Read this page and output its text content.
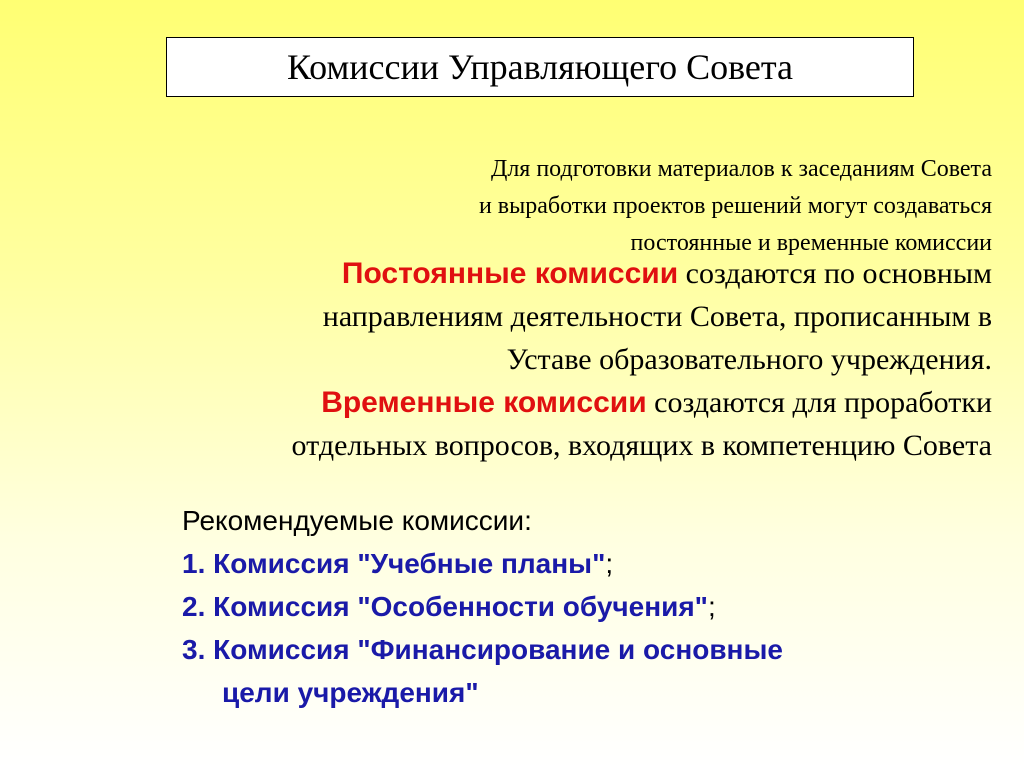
Комиссии Управляющего Совета
Для подготовки материалов к заседаниям Совета
и выработки проектов решений могут создаваться
постоянные и временные комиссии
Постоянные комиссии создаются по основным
направлениям деятельности Совета, прописанным в
Уставе образовательного учреждения.
Временные комиссии создаются для проработки
отдельных вопросов, входящих в компетенцию Совета
Рекомендуемые комиссии:
1. Комиссия "Учебные планы";
2. Комиссия "Особенности обучения";
3. Комиссия "Финансирование и основные
цели учреждения"
